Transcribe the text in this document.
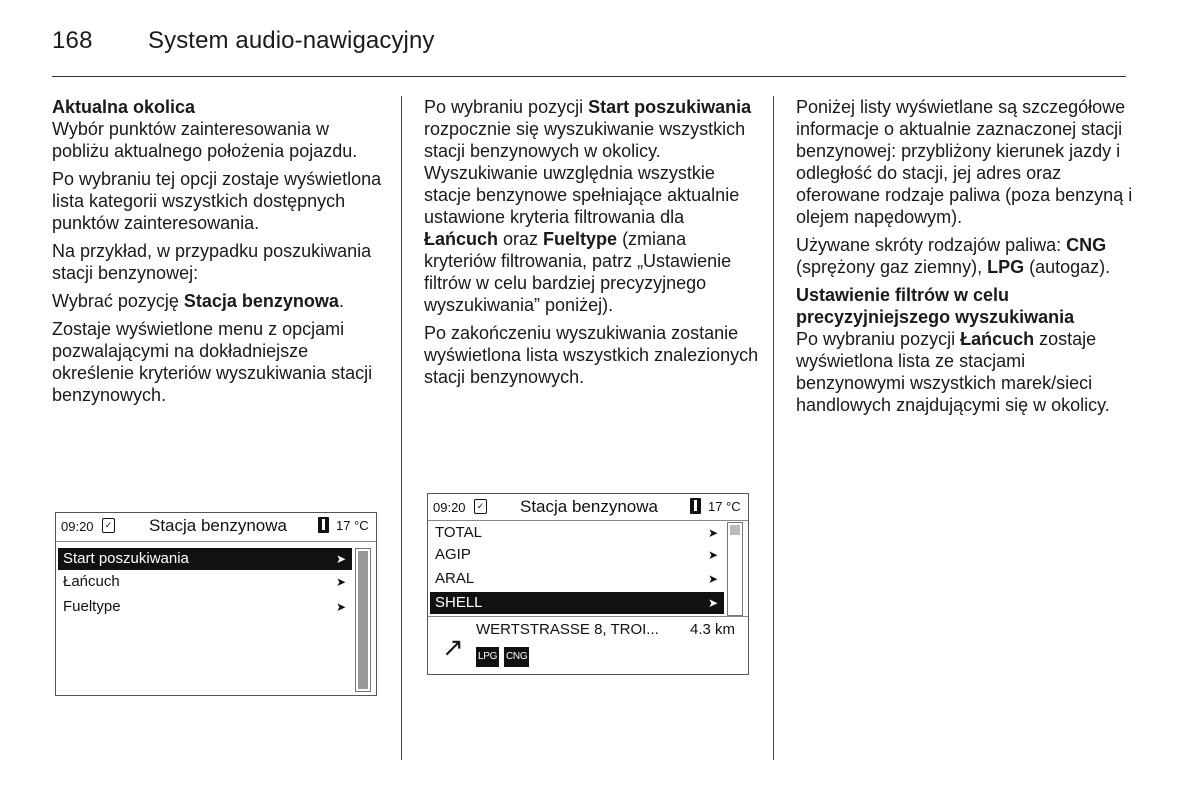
168 System audio-nawigacyjny

Aktualna okolica

Wybór punktów zainteresowania w pobliżu aktualnego położenia pojazdu.

Po wybraniu tej opcji zostaje wyświetlona lista kategorii wszystkich dostępnych punktów zainteresowania.

Na przykład, w przypadku poszukiwania stacji benzynowej:

Wybrać pozycję Stacja benzynowa.

Zostaje wyświetlone menu z opcjami pozwalającymi na dokładniejsze określenie kryteriów wyszukiwania stacji benzynowych.

09:20	✓ Stacja benzynowa	17 °C
Start poszukiwania	➤
Łańcuch	➤
Fueltype	➤

Po wybraniu pozycji Start poszukiwania rozpocznie się wyszukiwanie wszystkich stacji benzynowych w okolicy. Wyszukiwanie uwzględnia wszystkie stacje benzynowe spełniające aktualnie ustawione kryteria filtrowania dla Łańcuch oraz Fueltype (zmiana kryteriów filtrowania, patrz „Ustawienie filtrów w celu bardziej precyzyjnego wyszukiwania” poniżej).

Po zakończeniu wyszukiwania zostanie wyświetlona lista wszystkich znalezionych stacji benzynowych.

09:20	✓ Stacja benzynowa	17 °C
TOTAL	➤
AGIP	➤
ARAL	➤
SHELL	➤
↗
WERTSTRASSE 8, TROI... 4.3 km
LPG CNG

Poniżej listy wyświetlane są szczegółowe informacje o aktualnie zaznaczonej stacji benzynowej: przybliżony kierunek jazdy i odległość do stacji, jej adres oraz oferowane rodzaje paliwa (poza benzyną i olejem napędowym).

Używane skróty rodzajów paliwa: CNG (sprężony gaz ziemny), LPG (autogaz).

Ustawienie filtrów w celu precyzyjniejszego wyszukiwania

Po wybraniu pozycji Łańcuch zostaje wyświetlona lista ze stacjami benzynowymi wszystkich marek/sieci handlowych znajdującymi się w okolicy.
